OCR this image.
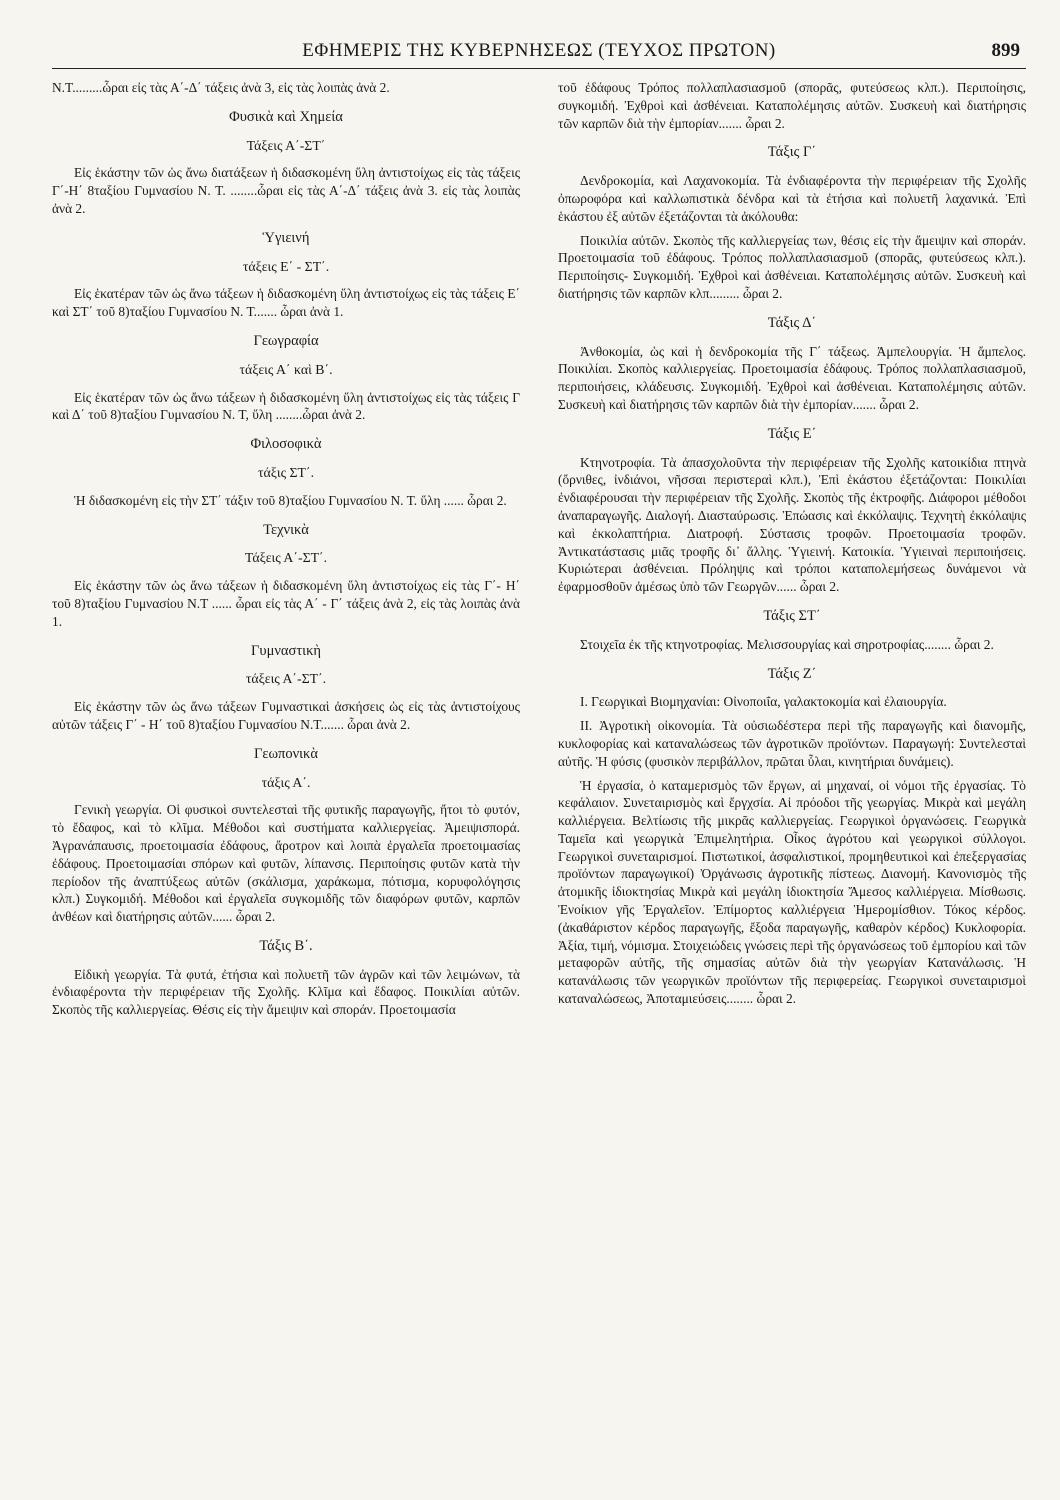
ΕΦΗΜΕΡΙΣ ΤΗΣ ΚΥΒΕΡΝΗΣΕΩΣ (ΤΕΥΧΟΣ ΠΡΩΤΟΝ)	899

Ν.Τ.........ὧραι εἰς τὰς Α΄-Δ΄ τάξεις ἀνὰ 3, εἰς τὰς λοιπὰς ἀνὰ 2.

Φυσικὰ καὶ Χημεία
Τάξεις Α΄-ΣΤ΄

Εἰς ἑκάστην τῶν ὡς ἄνω διατάξεων ἡ διδασκομένη ὕλη ἀντιστοίχως εἰς τὰς τάξεις Γ΄-Η΄ 8ταξίου Γυμνασίου Ν. Τ. ........ὧραι εἰς τὰς Α΄-Δ΄ τάξεις ἀνὰ 3. εἰς τὰς λοιπὰς ἀνὰ 2.

Ὑγιεινή
τάξεις Ε΄ - ΣΤ΄.

Εἰς ἑκατέραν τῶν ὡς ἄνω τάξεων ἡ διδασκομένη ὕλη ἀντιστοίχως εἰς τὰς τάξεις Ε΄ καὶ ΣΤ΄ τοῦ 8)ταξίου Γυμνασίου Ν. Τ....... ὧραι ἀνὰ 1.

Γεωγραφία
τάξεις Α΄ καὶ Β΄.

Εἰς ἑκατέραν τῶν ὡς ἄνω τάξεων ἡ διδασκομένη ὕλη ἀντιστοίχως εἰς τὰς τάξεις Γ καὶ Δ΄ τοῦ 8)ταξίου Γυμνασίου Ν. Τ, ὕλη ........ὧραι ἀνὰ 2.

Φιλοσοφικὰ
τάξις ΣΤ΄.

Ἡ διδασκομένη εἰς τὴν ΣΤ΄ τάξιν τοῦ 8)ταξίου Γυμνασίου Ν. Τ. ὕλη ...... ὧραι 2.

Τεχνικὰ
Τάξεις Α΄-ΣΤ΄.

Εἰς ἑκάστην τῶν ὡς ἄνω τάξεων ἡ διδασκομένη ὕλη ἀντιστοίχως εἰς τὰς Γ΄- Η΄ τοῦ 8)ταξίου Γυμνασίου Ν.Τ ...... ὧραι εἰς τὰς Α΄ - Γ΄ τάξεις ἀνὰ 2, εἰς τὰς λοιπὰς ἀνὰ 1.

Γυμναστικὴ
τάξεις Α΄-ΣΤ΄.

Εἰς ἑκάστην τῶν ὡς ἄνω τάξεων Γυμναστικαὶ ἀσκήσεις ὡς εἰς τὰς ἀντιστοίχους αὐτῶν τάξεις Γ΄ - Η΄ τοῦ 8)ταξίου Γυμνασίου Ν.Τ....... ὧραι ἀνὰ 2.

Γεωπονικὰ
τάξις Α΄.

Γενικὴ γεωργία. Οἱ φυσικοὶ συντελεσταὶ τῆς φυτικῆς παραγωγῆς, ἤτοι τὸ φυτόν, τὸ ἔδαφος, καὶ τὸ κλῖμα. Μέθοδοι καὶ συστήματα καλλιεργείας. Ἀμειψισπορά. Ἀγρανάπαυσις, προετοιμασία ἐδάφους, ἄροτρον καὶ λοιπὰ ἐργαλεῖα προετοιμασίας ἐδάφους. Προετοιμασίαι σπόρων καὶ φυτῶν, λίπανσις. Περιποίησις φυτῶν κατὰ τὴν περίοδον τῆς ἀναπτύξεως αὐτῶν (σκάλισμα, χαράκωμα, πότισμα, κορυφολόγησις κλπ.) Συγκομιδή. Μέθοδοι καὶ ἐργαλεῖα συγκομιδῆς τῶν διαφόρων φυτῶν, καρπῶν ἀνθέων καὶ διατήρησις αὐτῶν...... ὧραι 2.

Τάξις Β΄.

Εἰδικὴ γεωργία. Τὰ φυτά, ἐτήσια καὶ πολυετῆ τῶν ἀγρῶν καὶ τῶν λειμώνων, τὰ ἐνδιαφέροντα τὴν περιφέρειαν τῆς Σχολῆς. Κλῖμα καὶ ἔδαφος. Ποικιλίαι αὐτῶν. Σκοπὸς τῆς καλλιεργείας. Θέσις εἰς τὴν ἄμειψιν καὶ σποράν. Προετοιμασία

τοῦ ἐδάφους Τρόπος πολλαπλασιασμοῦ (σπορᾶς, φυτεύσεως κλπ.). Περιποίησις, συγκομιδή. Ἐχθροὶ καὶ ἀσθένειαι. Καταπολέμησις αὐτῶν. Συσκευὴ καὶ διατήρησις τῶν καρπῶν διὰ τὴν ἐμπορίαν....... ὧραι 2.

Τάξις Γ΄

Δενδροκομία, καὶ Λαχανοκομία. Τὰ ἐνδιαφέροντα τὴν περιφέρειαν τῆς Σχολῆς ὀπωροφόρα καὶ καλλωπιστικὰ δένδρα καὶ τὰ ἐτήσια καὶ πολυετῆ λαχανικά. Ἐπὶ ἑκάστου ἐξ αὐτῶν ἐξετάζονται τὰ ἀκόλουθα:

Ποικιλία αὐτῶν. Σκοπὸς τῆς καλλιεργείας των, θέσις εἰς τὴν ἄμειψιν καὶ σποράν. Προετοιμασία τοῦ ἐδάφους. Τρόπος πολλαπλασιασμοῦ (σπορᾶς, φυτεύσεως κλπ.). Περιποίησις- Συγκομιδή. Ἐχθροὶ καὶ ἀσθένειαι. Καταπολέμησις αὐτῶν. Συσκευὴ καὶ διατήρησις τῶν καρπῶν κλπ......... ὧραι 2.

Τάξις Δ΄

Ἀνθοκομία, ὡς καὶ ἡ δενδροκομία τῆς Γ΄ τάξεως. Ἀμπελουργία. Ἡ ἄμπελος. Ποικιλίαι. Σκοπὸς καλλιεργείας. Προετοιμασία ἐδάφους. Τρόπος πολλαπλασιασμοῦ, περιποιήσεις, κλάδευσις. Συγκομιδή. Ἐχθροὶ καὶ ἀσθένειαι. Καταπολέμησις αὐτῶν. Συσκευὴ καὶ διατήρησις τῶν καρπῶν διὰ τὴν ἐμπορίαν....... ὧραι 2.

Τάξις Ε΄

Κτηνοτροφία. Τὰ ἀπασχολοῦντα τὴν περιφέρειαν τῆς Σχολῆς κατοικίδια πτηνὰ (ὄρνιθες, ἰνδιάνοι, νῆσσαι περιστεραὶ κλπ.), Ἐπὶ ἑκάστου ἐξετάζονται: Ποικιλίαι ἐνδιαφέρουσαι τὴν περιφέρειαν τῆς Σχολῆς. Σκοπὸς τῆς ἐκτροφῆς. Διάφοροι μέθοδοι ἀναπαραγωγῆς. Διαλογή. Διασταύρωσις. Ἐπώασις καὶ ἐκκόλαψις. Τεχνητὴ ἐκκόλαψις καὶ ἐκκολαπτήρια. Διατροφή. Σύστασις τροφῶν. Προετοιμασία τροφῶν. Ἀντικατάστασις μιᾶς τροφῆς δι᾽ ἄλλης. Ὑγιεινή. Κατοικία. Ὑγιειναὶ περιποιήσεις. Κυριώτεραι ἀσθένειαι. Πρόληψις καὶ τρόποι καταπολεμήσεως δυνάμενοι νὰ ἐφαρμοσθοῦν ἀμέσως ὑπὸ τῶν Γεωργῶν...... ὧραι 2.

Τάξις ΣΤ΄

Στοιχεῖα ἐκ τῆς κτηνοτροφίας. Μελισσουργίας καὶ σηροτροφίας........ ὧραι 2.

Τάξις Ζ΄

Ι. Γεωργικαὶ Βιομηχανίαι: Οἰνοποιΐα, γαλακτοκομία καὶ ἐλαιουργία.

ΙΙ. Ἀγροτικὴ οἰκονομία. Τὰ οὐσιωδέστερα περὶ τῆς παραγωγῆς καὶ διανομῆς, κυκλοφορίας καὶ καταναλώσεως τῶν ἀγροτικῶν προϊόντων. Παραγωγή: Συντελεσταὶ αὐτῆς. Ἡ φύσις (φυσικὸν περιβάλλον, πρῶται ὗλαι, κινητήριαι δυνάμεις).

Ἡ ἐργασία, ὁ καταμερισμὸς τῶν ἔργων, αἱ μηχαναί, οἱ νόμοι τῆς ἐργασίας. Τὸ κεφάλαιον. Συνεταιρισμὸς καὶ ἔργχσία. Αἱ πρόοδοι τῆς γεωργίας. Μικρὰ καὶ μεγάλη καλλιέργεια. Βελτίωσις τῆς μικρᾶς καλλιεργείας. Γεωργικοὶ ὀργανώσεις. Γεωργικὰ Ταμεῖα καὶ γεωργικὰ Ἐπιμελητήρια. Οἶκος ἀγρότου καὶ γεωργικοὶ σύλλογοι. Γεωργικοὶ συνεταιρισμοί. Πιστωτικοί, ἀσφαλιστικοί, προμηθευτικοὶ καὶ ἐπεξεργασίας προϊόντων παραγωγικοί) Ὀργάνωσις ἀγροτικῆς πίστεως. Διανομή. Κανονισμὸς τῆς ἀτομικῆς ἰδιοκτησίας Μικρὰ καὶ μεγάλη ἰδιοκτησία Ἄμεσος καλλιέργεια. Μίσθωσις. Ἐνοίκιον γῆς Ἐργαλεῖον. Ἐπίμορτος καλλιέργεια Ἡμερομίσθιον. Τόκος κέρδος. (ἀκαθάριστον κέρδος παραγωγῆς, ἔξοδα παραγωγῆς, καθαρὸν κέρδος) Κυκλοφορία. Ἀξία, τιμή, νόμισμα. Στοιχειώδεις γνώσεις περὶ τῆς ὀργανώσεως τοῦ ἐμπορίου καὶ τῶν μεταφορῶν αὐτῆς, τῆς σημασίας αὐτῶν διὰ τὴν γεωργίαν Κατανάλωσις. Ἡ κατανάλωσις τῶν γεωργικῶν προϊόντων τῆς περιφερείας. Γεωργικοὶ συνεταιρισμοὶ καταναλώσεως, Ἀποταμιεύσεις........ ὧραι 2.
